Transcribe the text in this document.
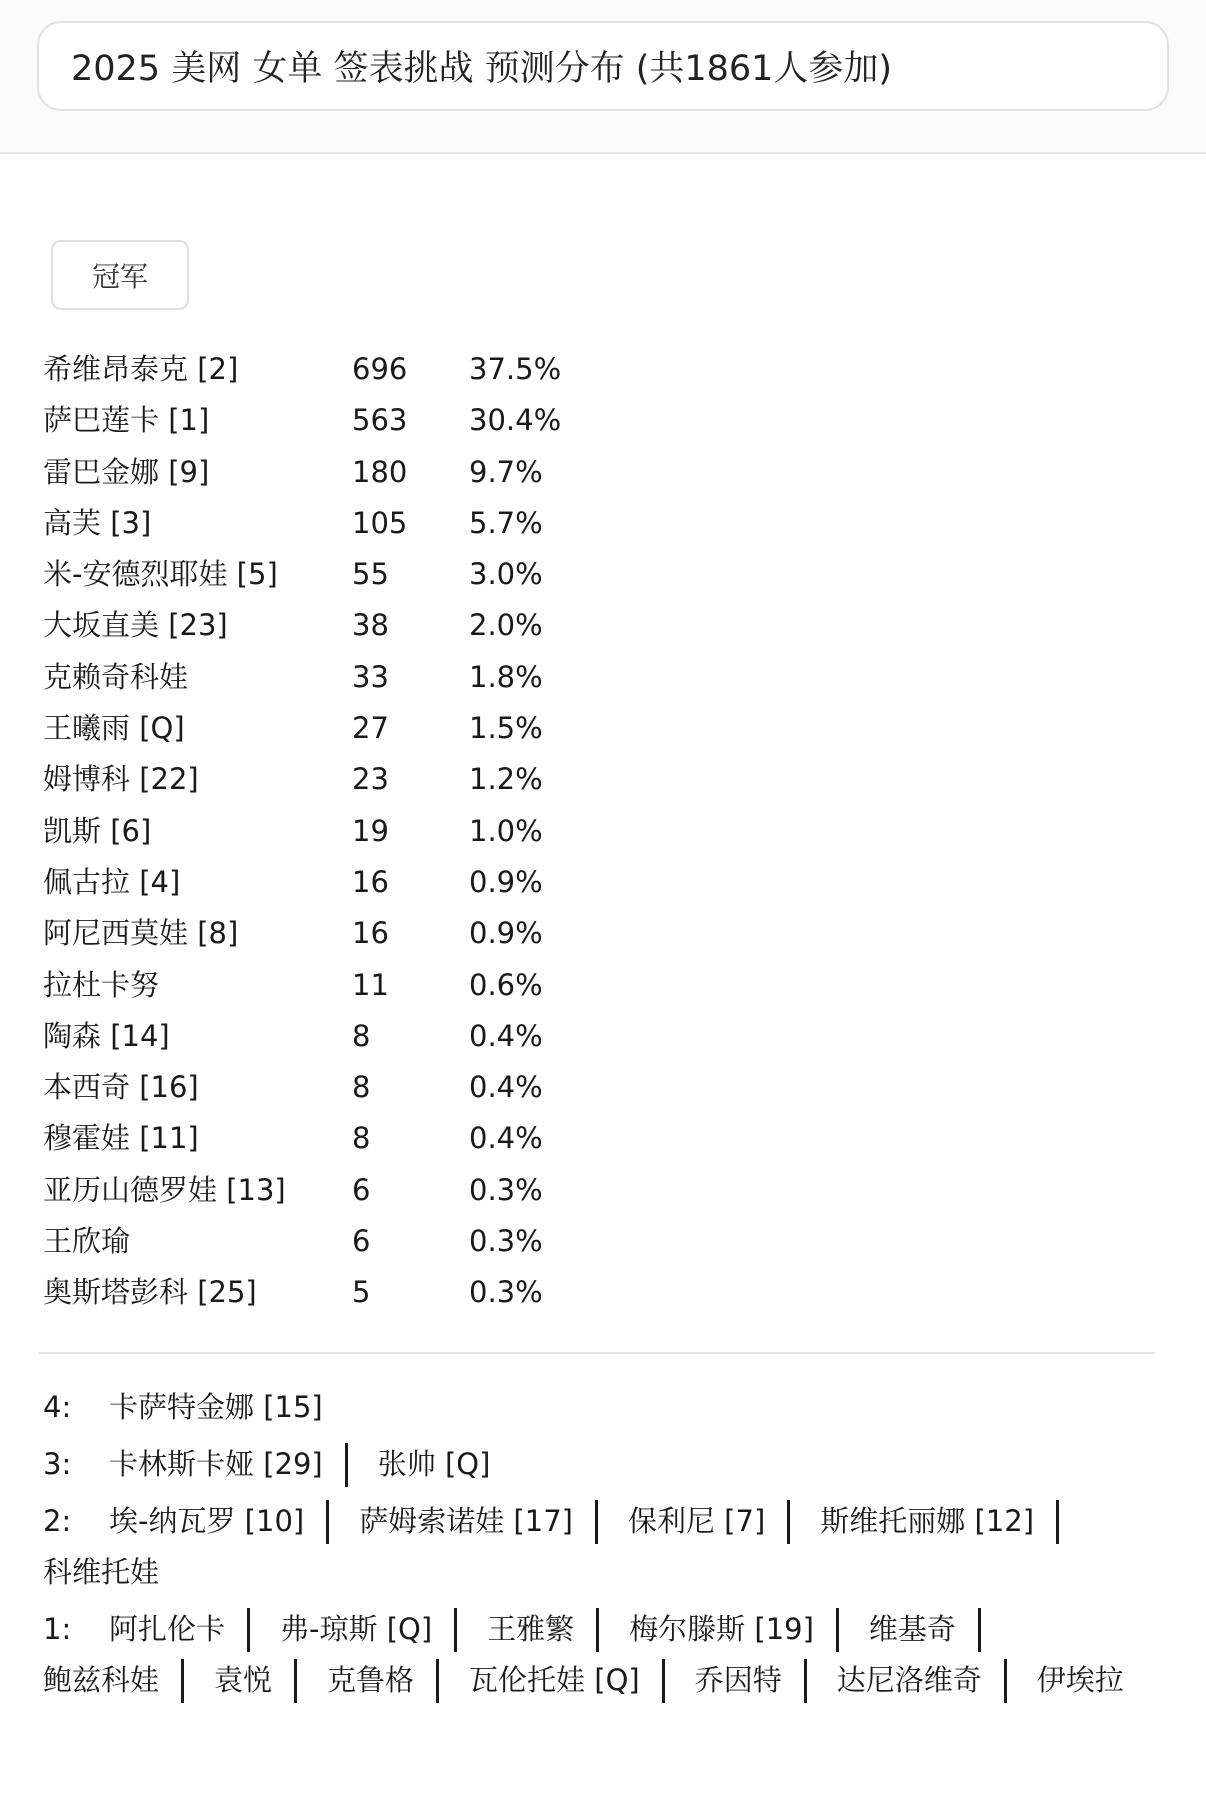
2025 美网 女单 签表挑战 预测分布 (共1861人参加)
冠军
希维昂泰克 [2]	696 37.5%
萨巴莲卡 [1]	563 30.4%
雷巴金娜 [9]	180 9.7%
高芙 [3]	105 5.7%
米-安德烈耶娃 [5]	55	3.0%
大坂直美 [23]	38	2.0%
克赖奇科娃	33	1.8%
王曦雨 [Q]	27	1.5%
姆博科 [22]	23	1.2%
凯斯 [6]	19	1.0%
佩古拉 [4]	16	0.9%
阿尼西莫娃 [8]	16	0.9%
拉杜卡努	11	0.6%
陶森 [14]	8	0.4%
本西奇 [16]	8	0.4%
穆霍娃 [11]	8	0.4%
亚历山德罗娃 [13] 6	0.3%
王欣瑜	6	0.3%
奥斯塔彭科 [25]	5	0.3%
4:	卡萨特金娜 [15]
3:	卡林斯卡娅 [29]	张帅 [Q]
2:	埃-纳瓦罗 [10]	萨姆索诺娃 [17]	保利尼 [7]	斯维托丽娜 [12]
科维托娃
1:	阿扎伦卡	弗-琼斯 [Q]	王雅繁	梅尔滕斯 [19]	维基奇
鲍兹科娃	袁悦	克鲁格	瓦伦托娃 [Q]	乔因特	达尼洛维奇	伊埃拉
